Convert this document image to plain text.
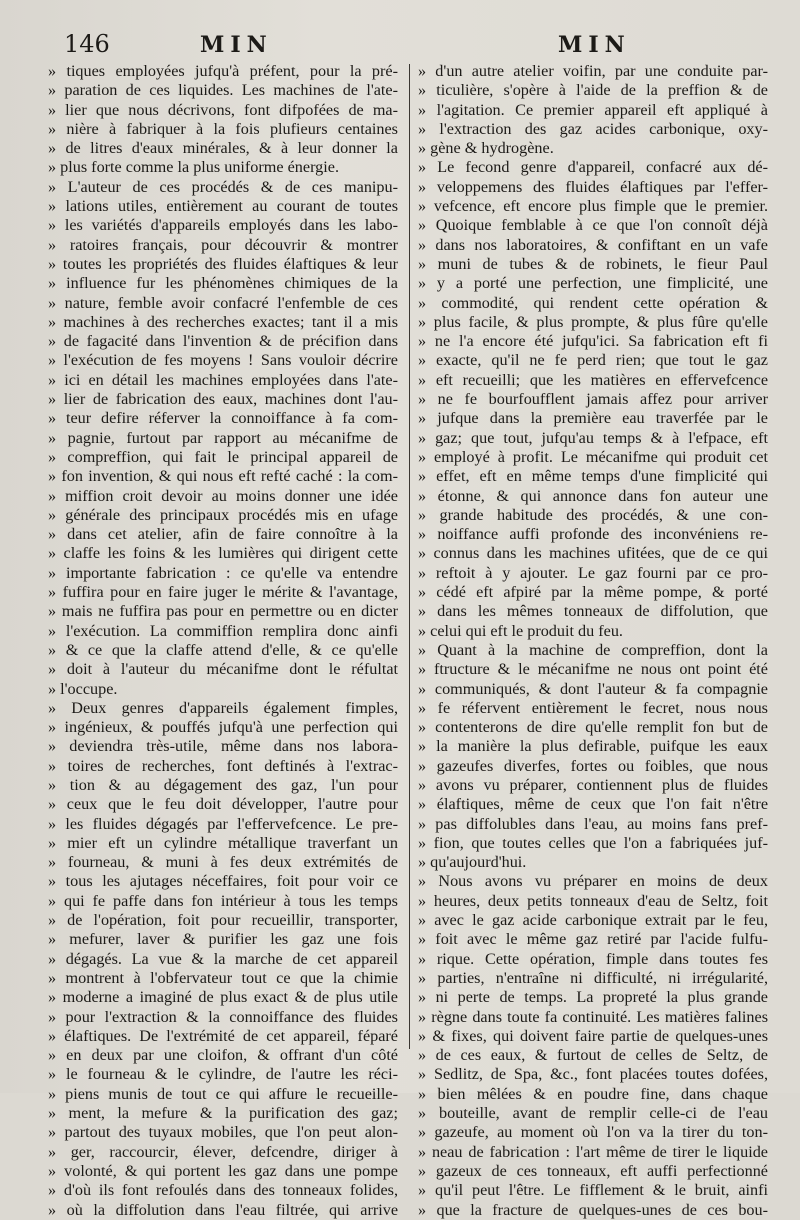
146	MIN	MIN
» tiques employées jufqu'à préfent, pour la pré-
» paration de ces liquides. Les machines de l'ate-
» lier que nous décrivons, font difpofées de ma-
» nière à fabriquer à la fois plufieurs centaines
» de litres d'eaux minérales, & à leur donner la
» plus forte comme la plus uniforme énergie.
» L'auteur de ces procédés & de ces manipu-
» lations utiles, entièrement au courant de toutes
» les variétés d'appareils employés dans les labo-
» ratoires français, pour découvrir & montrer
» toutes les propriétés des fluides élaftiques & leur
» influence fur les phénomènes chimiques de la
» nature, femble avoir confacré l'enfemble de ces
» machines à des recherches exactes; tant il a mis
» de fagacité dans l'invention & de précifion dans
» l'exécution de fes moyens ! Sans vouloir décrire
» ici en détail les machines employées dans l'ate-
» lier de fabrication des eaux, machines dont l'au-
» teur defire réferver la connoiffance à fa com-
» pagnie, furtout par rapport au mécanifme de
» compreffion, qui fait le principal appareil de
» fon invention, & qui nous eft refté caché : la com-
» miffion croit devoir au moins donner une idée
» générale des principaux procédés mis en ufage
» dans cet atelier, afin de faire connoître à la
» claffe les foins & les lumières qui dirigent cette
» importante fabrication : ce qu'elle va entendre
» fuffira pour en faire juger le mérite & l'avantage,
» mais ne fuffira pas pour en permettre ou en dicter
» l'exécution. La commiffion remplira donc ainfi
» & ce que la claffe attend d'elle, & ce qu'elle
» doit à l'auteur du mécanifme dont le réfultat
» l'occupe.
» Deux genres d'appareils également fimples,
» ingénieux, & pouffés jufqu'à une perfection qui
» deviendra très-utile, même dans nos labora-
» toires de recherches, font deftinés à l'extrac-
» tion & au dégagement des gaz, l'un pour
» ceux que le feu doit développer, l'autre pour
» les fluides dégagés par l'effervefcence. Le pre-
» mier eft un cylindre métallique traverfant un
» fourneau, & muni à fes deux extrémités de
» tous les ajutages néceffaires, foit pour voir ce
» qui fe paffe dans fon intérieur à tous les temps
» de l'opération, foit pour recueillir, transporter,
» mefurer, laver & purifier les gaz une fois
» dégagés. La vue & la marche de cet appareil
» montrent à l'obfervateur tout ce que la chimie
» moderne a imaginé de plus exact & de plus utile
» pour l'extraction & la connoiffance des fluides
» élaftiques. De l'extrémité de cet appareil, féparé
» en deux par une cloifon, & offrant d'un côté
» le fourneau & le cylindre, de l'autre les réci-
» piens munis de tout ce qui affure le recueille-
» ment, la mefure & la purification des gaz;
» partout des tuyaux mobiles, que l'on peut alon-
» ger, raccourcir, élever, defcendre, diriger à
» volonté, & qui portent les gaz dans une pompe
» d'où ils font refoulés dans des tonneaux folides,
» où la diffolution dans l'eau filtrée, qui arrive
» d'un autre atelier voifin, par une conduite par-
» ticulière, s'opère à l'aide de la preffion & de
» l'agitation. Ce premier appareil eft appliqué à
» l'extraction des gaz acides carbonique, oxy-
» gène & hydrogène.
» Le fecond genre d'appareil, confacré aux dé-
» veloppemens des fluides élaftiques par l'effer-
» vefcence, eft encore plus fimple que le premier.
» Quoique femblable à ce que l'on connoît déjà
» dans nos laboratoires, & confiftant en un vafe
» muni de tubes & de robinets, le fieur Paul
» y a porté une perfection, une fimplicité, une
» commodité, qui rendent cette opération &
» plus facile, & plus prompte, & plus fûre qu'elle
» ne l'a encore été jufqu'ici. Sa fabrication eft fi
» exacte, qu'il ne fe perd rien; que tout le gaz
» eft recueilli; que les matières en effervefcence
» ne fe bourfoufflent jamais affez pour arriver
» jufque dans la première eau traverfée par le
» gaz; que tout, jufqu'au temps & à l'efpace, eft
» employé à profit. Le mécanifme qui produit cet
» effet, eft en même temps d'une fimplicité qui
» étonne, & qui annonce dans fon auteur une
» grande habitude des procédés, & une con-
» noiffance auffi profonde des inconvéniens re-
» connus dans les machines ufitées, que de ce qui
» reftoit à y ajouter. Le gaz fourni par ce pro-
» cédé eft afpiré par la même pompe, & porté
» dans les mêmes tonneaux de diffolution, que
» celui qui eft le produit du feu.
» Quant à la machine de compreffion, dont la
» ftructure & le mécanifme ne nous ont point été
» communiqués, & dont l'auteur & fa compagnie
» fe réfervent entièrement le fecret, nous nous
» contenterons de dire qu'elle remplit fon but de
» la manière la plus defirable, puifque les eaux
» gazeufes diverfes, fortes ou foibles, que nous
» avons vu préparer, contiennent plus de fluides
» élaftiques, même de ceux que l'on fait n'être
» pas diffolubles dans l'eau, au moins fans pref-
» fion, que toutes celles que l'on a fabriquées juf-
» qu'aujourd'hui.
» Nous avons vu préparer en moins de deux
» heures, deux petits tonneaux d'eau de Seltz, foit
» avec le gaz acide carbonique extrait par le feu,
» foit avec le même gaz retiré par l'acide fulfu-
» rique. Cette opération, fimple dans toutes fes
» parties, n'entraîne ni difficulté, ni irrégularité,
» ni perte de temps. La propreté la plus grande
» règne dans toute fa continuité. Les matières falines
» & fixes, qui doivent faire partie de quelques-unes
» de ces eaux, & furtout de celles de Seltz, de
» Sedlitz, de Spa, &c., font placées toutes dofées,
» bien mêlées & en poudre fine, dans chaque
» bouteille, avant de remplir celle-ci de l'eau
» gazeufe, au moment où l'on va la tirer du ton-
» neau de fabrication : l'art même de tirer le liquide
» gazeux de ces tonneaux, eft auffi perfectionné
» qu'il peut l'être. Le fifflement & le bruit, ainfi
» que la fracture de quelques-unes de ces bou-
